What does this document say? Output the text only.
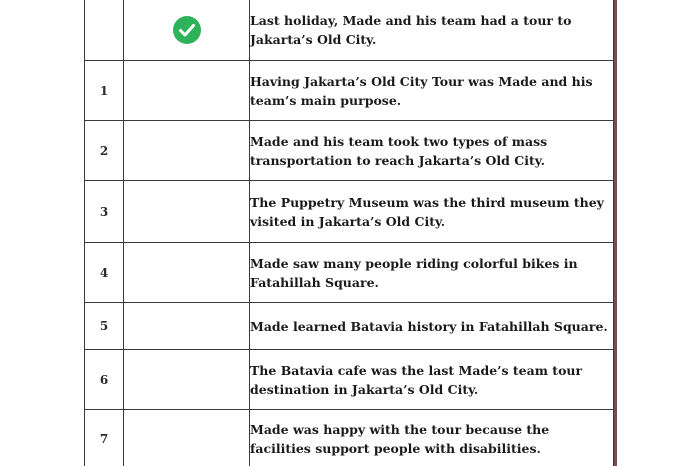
		Last holiday, Made and his team had a tour to Jakarta’s Old City.
1		Having Jakarta’s Old City Tour was Made and his team’s main purpose.
2		Made and his team took two types of mass transportation to reach Jakarta’s Old City.
3		The Puppetry Museum was the third museum they visited in Jakarta’s Old City.
4		Made saw many people riding colorful bikes in Fatahillah Square.
5		Made learned Batavia history in Fatahillah Square.
6		The Batavia cafe was the last Made’s team tour destination in Jakarta’s Old City.
7		Made was happy with the tour because the facilities support people with disabilities.
